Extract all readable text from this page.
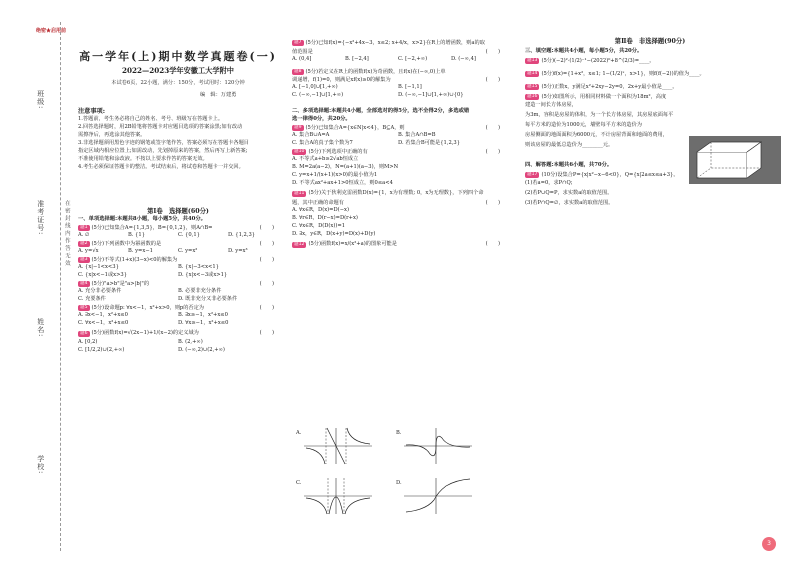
绝密★启用前
班级:
准考证号:
姓名:
学校:
在密封线内作答无效
高一学年(上)期中数学真题卷(一)
2022—2023学年安徽工大学附中
本试卷6页，22小题，满分：150分，考试用时：120分钟
编　辑：万建勇
注意事项:
1.答题前，考生务必将自己的姓名、考号、班级写在答题卡上。
2.回答选择题时，用2B铅笔将答题卡对应题目选项的答案涂黑;如有改动
需擦净后，再选涂其他答案。
3.非选择题须用黑色字迹的钢笔或签字笔作答，答案必须写在答题卡各题目
指定区域内相应位置上;如需改动，先划掉原来的答案，然后再写上新答案;
不准使用铅笔和涂改液。不按以上要求作答的答案无效。
4.考生必须保证答题卡的整洁。考试结束后，将试卷和答题卡一并交回。
第Ⅰ卷　选择题(60分)
一、单项选择题:本题共8小题，每小题5分，共40分。
题1 (5分)已知集合A={1,3,5}，B={0,1,2}，则A∩B=	(　　)
A. ∅	B. {1}	C. {0,1}	D. {1,2,3}
题2 (5分)下列函数中为幂函数的是	(　　)
A. y=√x	B. y=x−1	C. y=x²	D. y=x³
题3 (5分)不等式(1+x)(3−x)<0的解集为	(　　)
A. {x|−1<x<3}	B. {x|−3<x<1}
C. {x|x<−1或x>3}	D. {x|x<−3或x>1}
题4 (5分)"a>b"是"a>|b|"的	(　　)
A. 充分非必要条件	B. 必要非充分条件
C. 充要条件	D. 既非充分又非必要条件
题5 (5分)设命题p: ∀x<−1，x²+x>0，则p的否定为	(　　)
A. ∃x<−1，x²+x≤0	B. ∃x≥−1，x²+x≤0
C. ∀x<−1，x²+x≤0	D. ∀x≥−1，x²+x≤0
题6 (5分)函数f(x)=√(2x−1)+1/(x−2)的定义域为	(　　)
A. [0,2)	B. (2,+∞)
C. [1/2,2)∪(2,+∞)	D. (−∞,2)∪(2,+∞)
题7 (5分)已知f(x)={−x²+4x−3，x≤2; x+4/x，x>2}在R上的增函数，则a的取
值范围是	(　　)
A. (0,4]	B. [−2,4]	C. [−2,+∞)	D. (−∞,4]
题8 (5分)若定义在R上的函数f(x)为奇函数，且f(x)在(−∞,0)上单
调递增，f(1)=0，则满足xf(x)≥0的解集为	(　　)
A. [−1,0]∪[1,+∞)	B. [−1,1]
C. (−∞,−1]∪[1,+∞)	D. (−∞,−1]∪[1,+∞)∪{0}
二、多项选择题:本题共4小题，全部选对的得5分，选不全得2分，多选或错
选一律得0分，共20分。
题9 (5分)已知集合A={x∈N|x<4}，B⊆A，则	(　　)
A. 集合B∪A=A	B. 集合A∩B=B
C. 集合A的真子集个数为7	D. 若集合B可能是{1,2,3}
题10 (5分)下列选项中正确的有	(　　)
A. 不等式a+b≥2√ab恒成立
B. M=2a(a−2)，N=(a+1)(a−3)，则M>N
C. y=x+1/(x+1)(x>0)的最小值为1
D. 不等式ax²+ax+1>0恒成立，则0≤a<4
题11 (5分)关于狄利克雷函数D(x)={1，x为有理数; 0，x为无理数}，下列四个命
题，其中正确的命题有	(　　)
A. ∀x∈R，D(x)=D(−x)
B. ∀r∈R，D(r−x)=D(r+x)
C. ∀x∈R，D(D(x))=1
D. ∃x，y∈R，D(x+y)=D(x)+D(y)
题12 (5分)函数f(x)=x/(x²+a)的图象可能是	(　　)
A.	B.
C.	D.
第Ⅱ卷　非选择题(90分)
三、填空题:本题共4小题，每小题5分，共20分。
题13 (5分)(−2)²·(1/2)⁻¹−(2022)⁰+8^(2/3)=____。
题14 (5分)f(x)={1+x²，x≤1; 1−(1/2)ˣ，x>1}，则f(f(−2))的值为____。
题15 (5分)正数x，y满足x²+2xy−2y=0，2x+y最小值是____。
题16 (5分)如图所示，用相同材料做一个面积为18m²，高度
建造一间长方体房屋，
为3m，容积是房屋的体积，为一个长方体房屋，其房屋底面每平
每平方米的造价为1000元，墙壁每平方米的造价为
房屋侧面的地面面积为6000元，不计房屋背面和地面的费用，
则该房屋的最低总造价为________元。
四、解答题:本题共6小题，共70分。
题17 (10分)设集合P={x|x²−x−6<0}，Q={x|2a≤x≤a+3}。
(1)若a=0，求P∩Q;
(2)若P∪Q=P，求实数a的取值范围。
(3)若P∩Q=∅，求实数a的取值范围。
3
